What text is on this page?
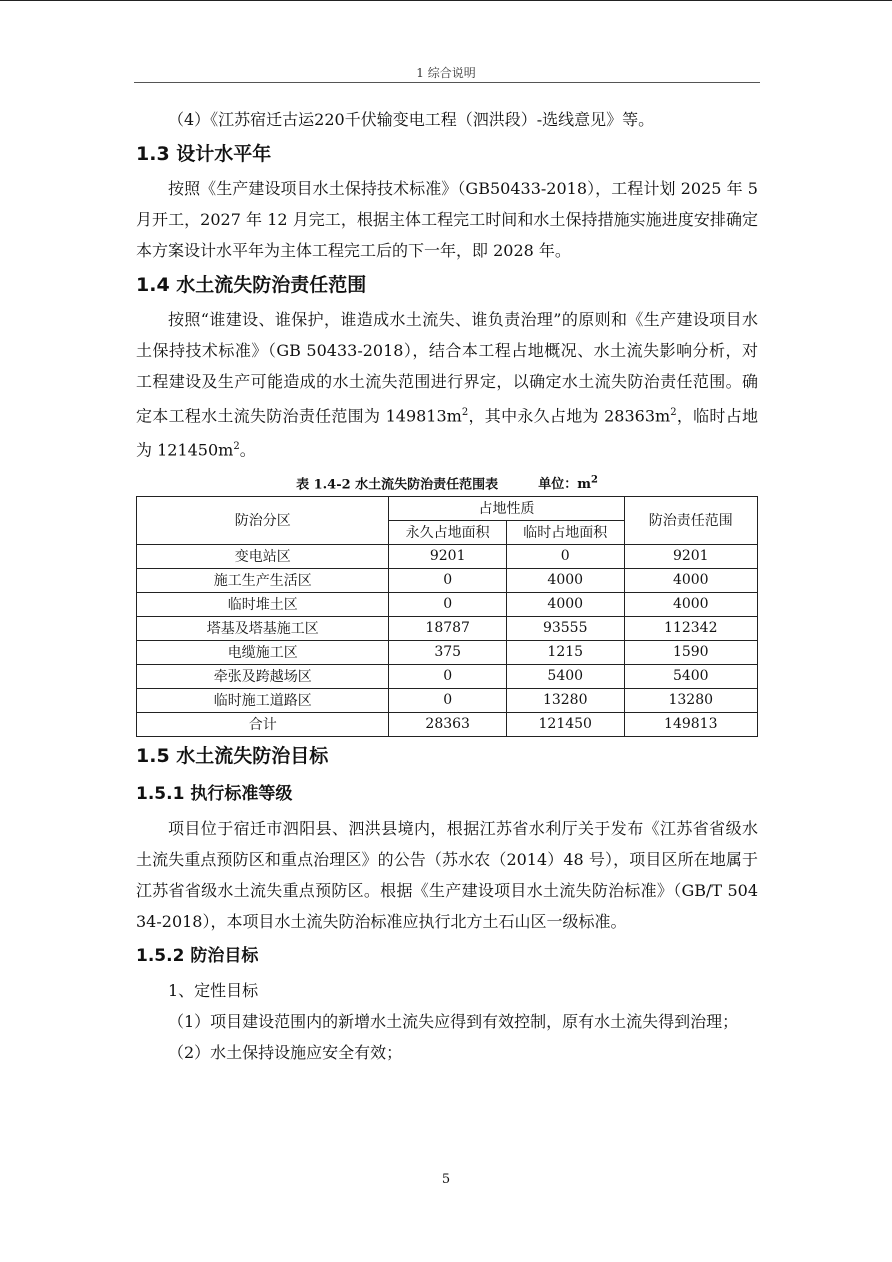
1 综合说明

（4）《江苏宿迁古运220千伏输变电工程（泗洪段）-选线意见》等。

1.3 设计水平年

按照《生产建设项目水土保持技术标准》（GB50433-2018），工程计划 2025 年 5 月开工，2027 年 12 月完工，根据主体工程完工时间和水土保持措施实施进度安排确定本方案设计水平年为主体工程完工后的下一年，即 2028 年。

1.4 水土流失防治责任范围

按照“谁建设、谁保护，谁造成水土流失、谁负责治理”的原则和《生产建设项目水土保持技术标准》（GB 50433-2018），结合本工程占地概况、水土流失影响分析，对工程建设及生产可能造成的水土流失范围进行界定，以确定水土流失防治责任范围。确定本工程水土流失防治责任范围为 $149813m^2$，其中永久占地为 $28363m^2$，临时占地为 $121450m^2$。

表 1.4-2 水土流失防治责任范围表	单位：$m^2$
防治分区	占地性质		防治责任范围
	永久占地面积	临时占地面积	
变电站区	9201	0	9201
施工生产生活区	0	4000	4000
临时堆土区	0	4000	4000
塔基及塔基施工区	18787	93555	112342
电缆施工区	375	1215	1590
牵张及跨越场区	0	5400	5400
临时施工道路区	0	13280	13280
合计	28363	121450	149813
1.5 水土流失防治目标
1.5.1 执行标准等级

项目位于宿迁市泗阳县、泗洪县境内，根据江苏省水利厅关于发布《江苏省省级水土流失重点预防区和重点治理区》的公告（苏水农（2014）48 号），项目区所在地属于江苏省省级水土流失重点预防区。根据《生产建设项目水土流失防治标准》（GB/T 50434-2018），本项目水土流失防治标准应执行北方土石山区一级标准。

1.5.2 防治目标

1、定性目标

（1）项目建设范围内的新增水土流失应得到有效控制，原有水土流失得到治理；

（2）水土保持设施应安全有效；

5
